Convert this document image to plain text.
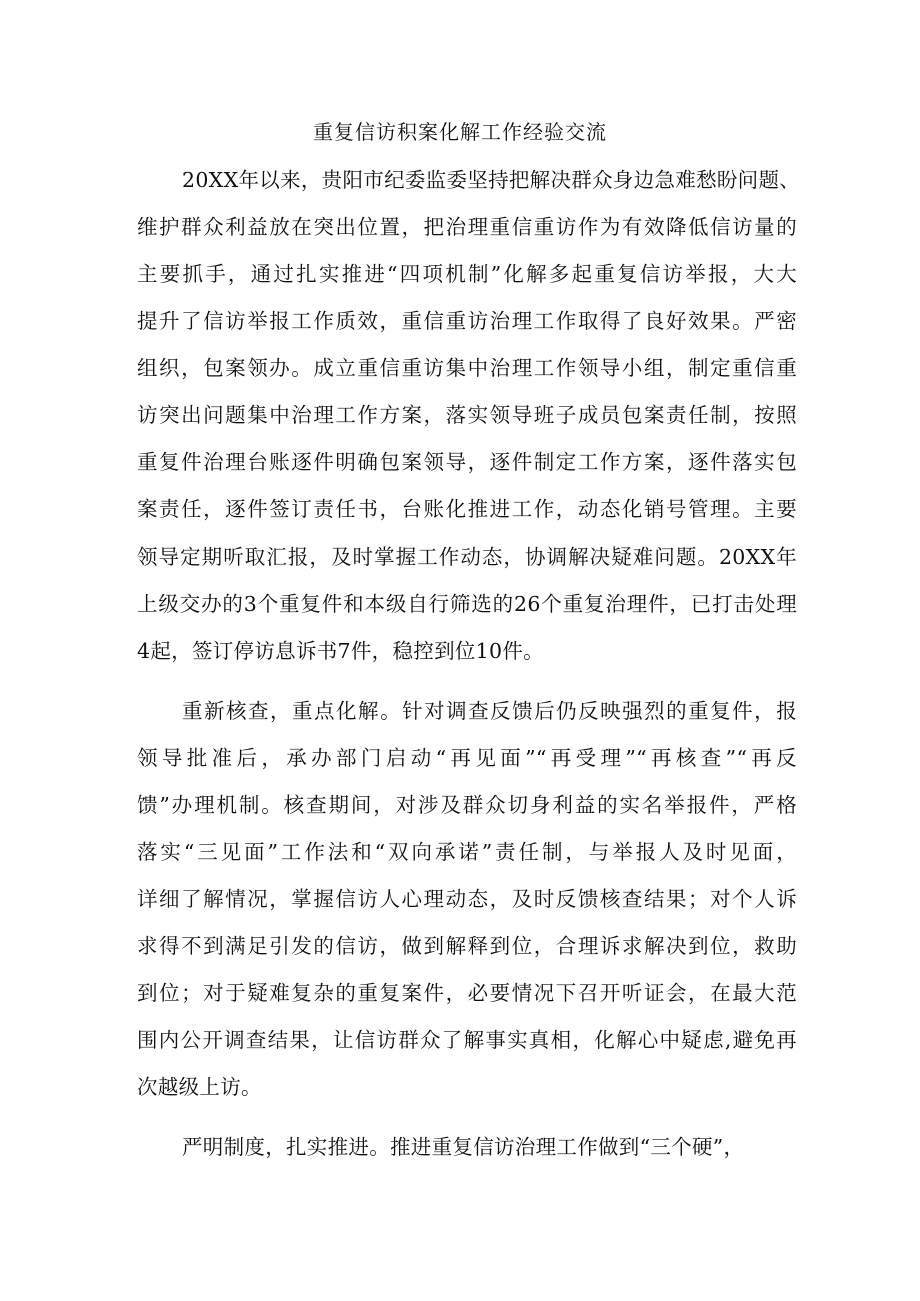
重复信访积案化解工作经验交流
20XX年以来，贵阳市纪委监委坚持把解决群众身边急难愁盼问题、
维护群众利益放在突出位置，把治理重信重访作为有效降低信访量的
主要抓手，通过扎实推进“四项机制”化解多起重复信访举报，大大
提升了信访举报工作质效，重信重访治理工作取得了良好效果。严密
组织，包案领办。成立重信重访集中治理工作领导小组，制定重信重
访突出问题集中治理工作方案，落实领导班子成员包案责任制，按照
重复件治理台账逐件明确包案领导，逐件制定工作方案，逐件落实包
案责任，逐件签订责任书，台账化推进工作，动态化销号管理。主要
领导定期听取汇报，及时掌握工作动态，协调解决疑难问题。20XX年
上级交办的3个重复件和本级自行筛选的26个重复治理件，已打击处理
4起，签订停访息诉书7件，稳控到位10件。
重新核查，重点化解。针对调查反馈后仍反映强烈的重复件，报
领导批准后，承办部门启动“再见面”“再受理”“再核查”“再反
馈”办理机制。核查期间，对涉及群众切身利益的实名举报件，严格
落实“三见面”工作法和“双向承诺”责任制，与举报人及时见面，
详细了解情况，掌握信访人心理动态，及时反馈核查结果；对个人诉
求得不到满足引发的信访，做到解释到位，合理诉求解决到位，救助
到位；对于疑难复杂的重复案件，必要情况下召开听证会，在最大范
围内公开调查结果，让信访群众了解事实真相，化解心中疑虑,避免再
次越级上访。
严明制度，扎实推进。推进重复信访治理工作做到“三个硬”，
